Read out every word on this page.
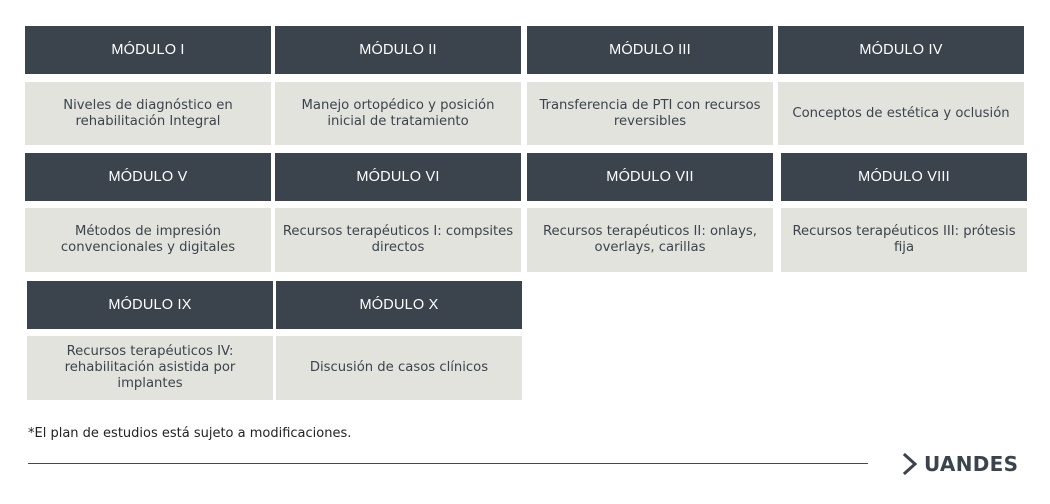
MÓDULO I
Niveles de diagnóstico en rehabilitación Integral
MÓDULO II
Manejo ortopédico y posición inicial de tratamiento
MÓDULO III
Transferencia de PTI con recursos reversibles
MÓDULO IV
Conceptos de estética y oclusión
MÓDULO V
Métodos de impresión convencionales y digitales
MÓDULO VI
Recursos terapéuticos I: compsites directos
MÓDULO VII
Recursos terapéuticos II: onlays, overlays, carillas
MÓDULO VIII
Recursos terapéuticos III: prótesis fija
MÓDULO IX
Recursos terapéuticos IV: rehabilitación asistida por implantes
MÓDULO X
Discusión de casos clínicos
*El plan de estudios está sujeto a modificaciones.
UANDES
